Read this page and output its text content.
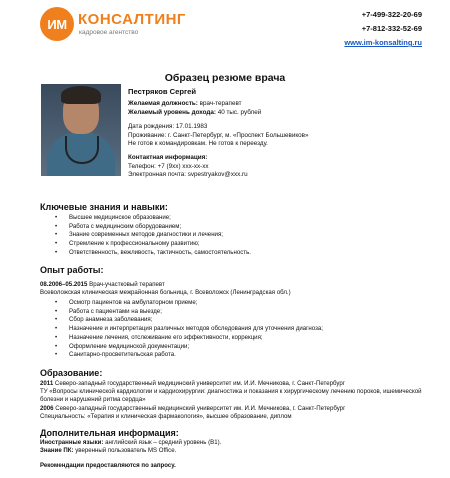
ИМ КОНСАЛТИНГ
кадровое агентство
+7-499-322-20-69
+7-812-332-52-69
www.im-konsalting.ru
Образец резюме врача
Пестряков Сергей
Желаемая должность: врач-терапевт
Желаемый уровень дохода: 40 тыс. рублей
Дата рождения: 17.01.1983
Проживание: г. Санкт-Петербург, м. «Проспект Большевиков»
Не готов к командировкам. Не готов к переезду.
Контактная информация:
Телефон: +7 (9xx) xxx-xx-xx
Электронная почта: svpestryakov@xxx.ru
Ключевые знания и навыки:
• Высшее медицинское образование;
• Работа с медицинским оборудованием;
• Знание современных методов диагностики и лечения;
• Стремление к профессиональному развитию;
• Ответственность, вежливость, тактичность, самостоятельность.
Опыт работы:
08.2006–05.2015 Врач-участковый терапевт
Всеволожская клиническая межрайонная больница, г. Всеволожск (Ленинградская обл.)
• Осмотр пациентов на амбулаторном приеме;
• Работа с пациентами на выезде;
• Сбор анамнеза заболевания;
• Назначение и интерпретация различных методов обследования для уточнения диагноза;
• Назначение лечения, отслеживание его эффективности, коррекция;
• Оформление медицинской документации;
• Санитарно-просветительская работа.
Образование:
2011 Северо-западный государственный медицинский университет им. И.И. Мечникова, г. Санкт-Петербург
ТУ «Вопросы клинической кардиологии и кардиохирургии: диагностика и показания к хирургическому лечению пороков, ишемической болезни и нарушений ритма сердца»
2006 Северо-западный государственный медицинский университет им. И.И. Мечникова, г. Санкт-Петербург
Специальность: «Терапия и клиническая фармакология», высшее образование, диплом
Дополнительная информация:
Иностранные языки: английский язык – средний уровень (B1).
Знание ПК: уверенный пользователь MS Office.
Рекомендации предоставляются по запросу.
